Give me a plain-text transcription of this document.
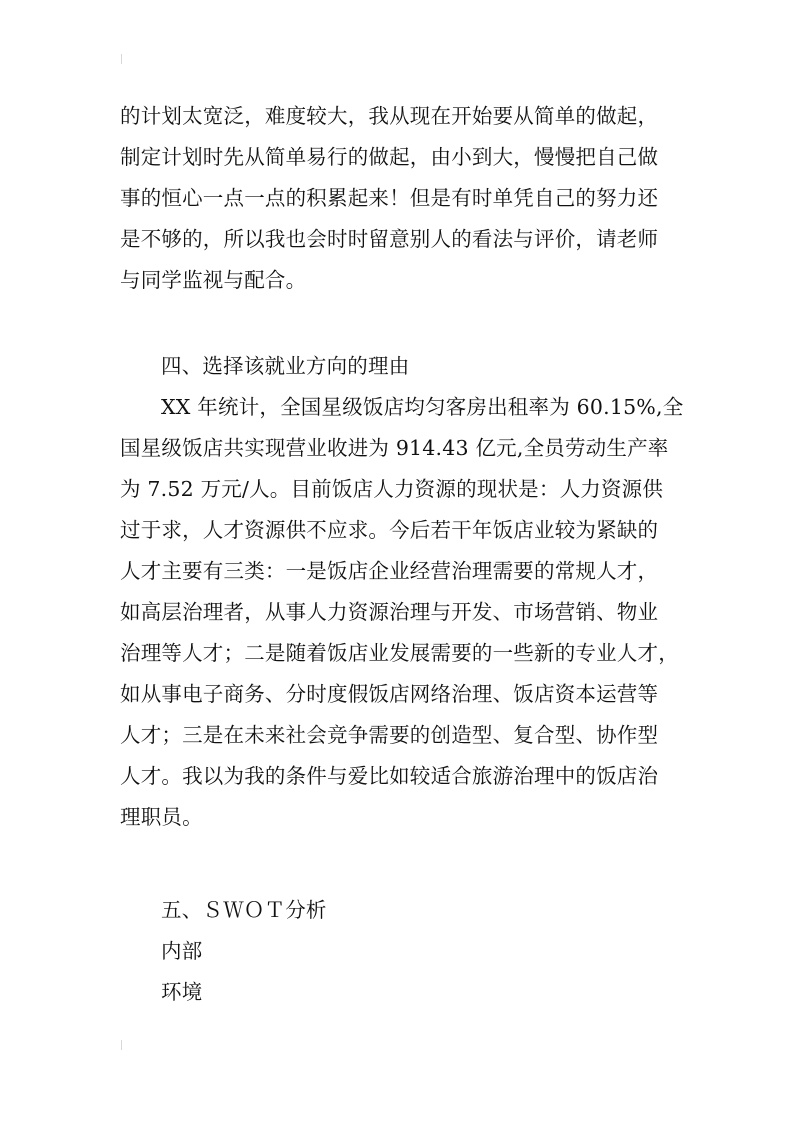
的计划太宽泛，难度较大，我从现在开始要从简单的做起，

制定计划时先从简单易行的做起，由小到大，慢慢把自己做

事的恒心一点一点的积累起来！但是有时单凭自己的努力还

是不够的，所以我也会时时留意别人的看法与评价，请老师

与同学监视与配合。

四、选择该就业方向的理由

XX 年统计，全国星级饭店均匀客房出租率为 60.15%,全

国星级饭店共实现营业收进为 914.43 亿元,全员劳动生产率

为 7.52 万元/人。目前饭店人力资源的现状是：人力资源供

过于求，人才资源供不应求。今后若干年饭店业较为紧缺的

人才主要有三类：一是饭店企业经营治理需要的常规人才，

如高层治理者，从事人力资源治理与开发、市场营销、物业

治理等人才；二是随着饭店业发展需要的一些新的专业人才，

如从事电子商务、分时度假饭店网络治理、饭店资本运营等

人才；三是在未来社会竞争需要的创造型、复合型、协作型

人才。我以为我的条件与爱比如较适合旅游治理中的饭店治

理职员。

五、ＳＷＯＴ分析

内部

环境
